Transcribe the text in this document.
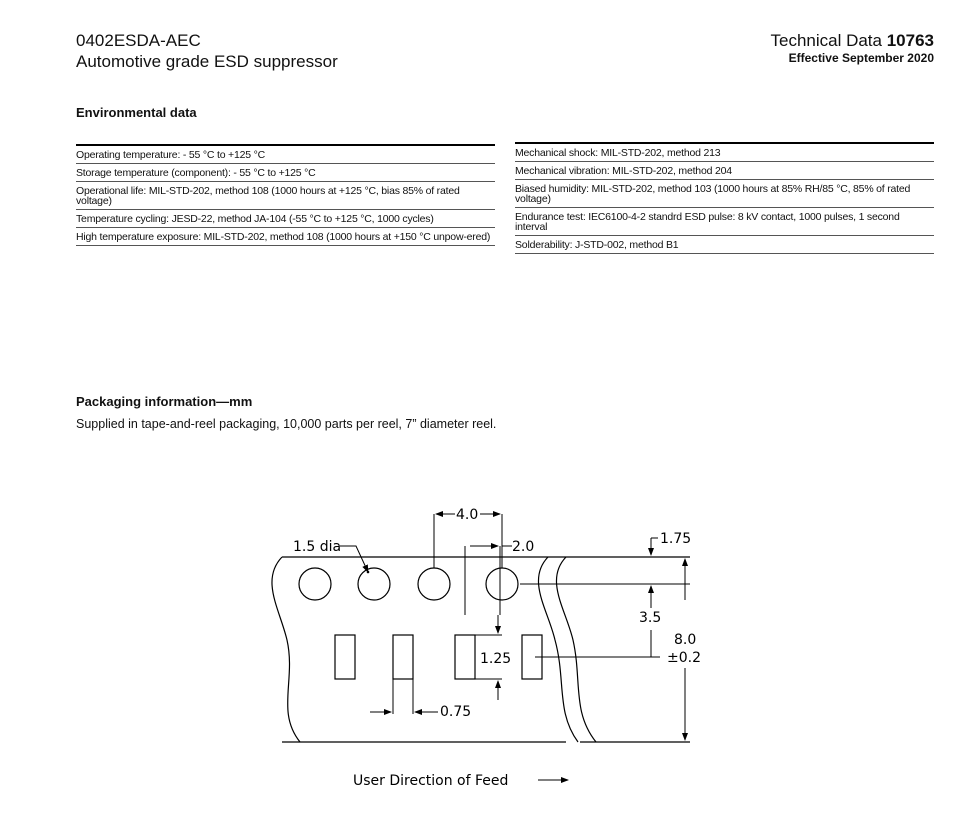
0402ESDA-AEC
Automotive grade ESD suppressor
Technical Data 10763
Effective September 2020
Environmental data
Operating temperature: - 55 °C to +125 °C
Storage temperature (component): - 55 °C to +125 °C
Operational life: MIL-STD-202, method 108 (1000 hours at +125 °C, bias 85% of rated voltage)
Temperature cycling: JESD-22, method JA-104 (-55 °C to +125 °C, 1000 cycles)
High temperature exposure: MIL-STD-202, method 108 (1000 hours at +150 °C unpow-ered)
Mechanical shock: MIL-STD-202, method 213
Mechanical vibration: MIL-STD-202, method 204
Biased humidity: MIL-STD-202, method 103 (1000 hours at 85% RH/85 °C, 85% of rated voltage)
Endurance test: IEC6100-4-2 standrd ESD pulse: 8 kV contact, 1000 pulses, 1 second interval
Solderability: J-STD-002, method B1
Packaging information—mm
Supplied in tape-and-reel packaging, 10,000 parts per reel, 7” diameter reel.
4.0
1.5 dia	2.0	1.75
3.5
8.0
±0.2
1.25
0.75
User Direction of Feed
